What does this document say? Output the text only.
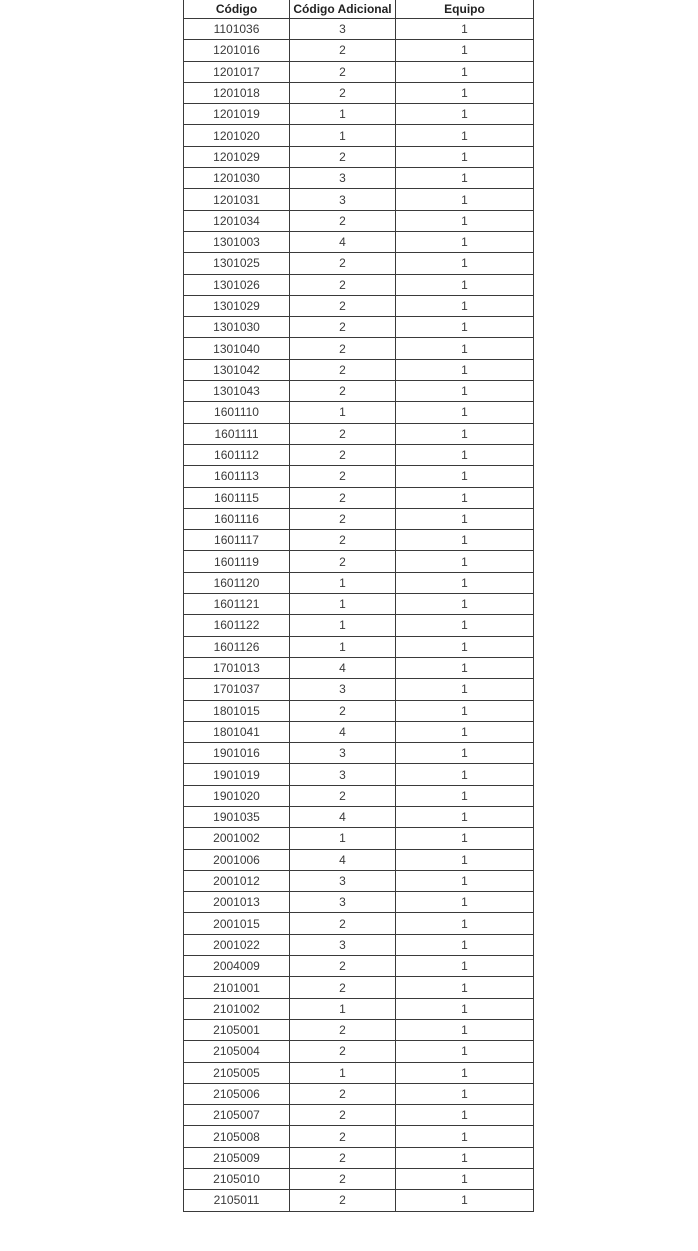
Código	Código Adicional	Equipo
1101036	3	1
1201016	2	1
1201017	2	1
1201018	2	1
1201019	1	1
1201020	1	1
1201029	2	1
1201030	3	1
1201031	3	1
1201034	2	1
1301003	4	1
1301025	2	1
1301026	2	1
1301029	2	1
1301030	2	1
1301040	2	1
1301042	2	1
1301043	2	1
1601110	1	1
1601111	2	1
1601112	2	1
1601113	2	1
1601115	2	1
1601116	2	1
1601117	2	1
1601119	2	1
1601120	1	1
1601121	1	1
1601122	1	1
1601126	1	1
1701013	4	1
1701037	3	1
1801015	2	1
1801041	4	1
1901016	3	1
1901019	3	1
1901020	2	1
1901035	4	1
2001002	1	1
2001006	4	1
2001012	3	1
2001013	3	1
2001015	2	1
2001022	3	1
2004009	2	1
2101001	2	1
2101002	1	1
2105001	2	1
2105004	2	1
2105005	1	1
2105006	2	1
2105007	2	1
2105008	2	1
2105009	2	1
2105010	2	1
2105011	2	1
